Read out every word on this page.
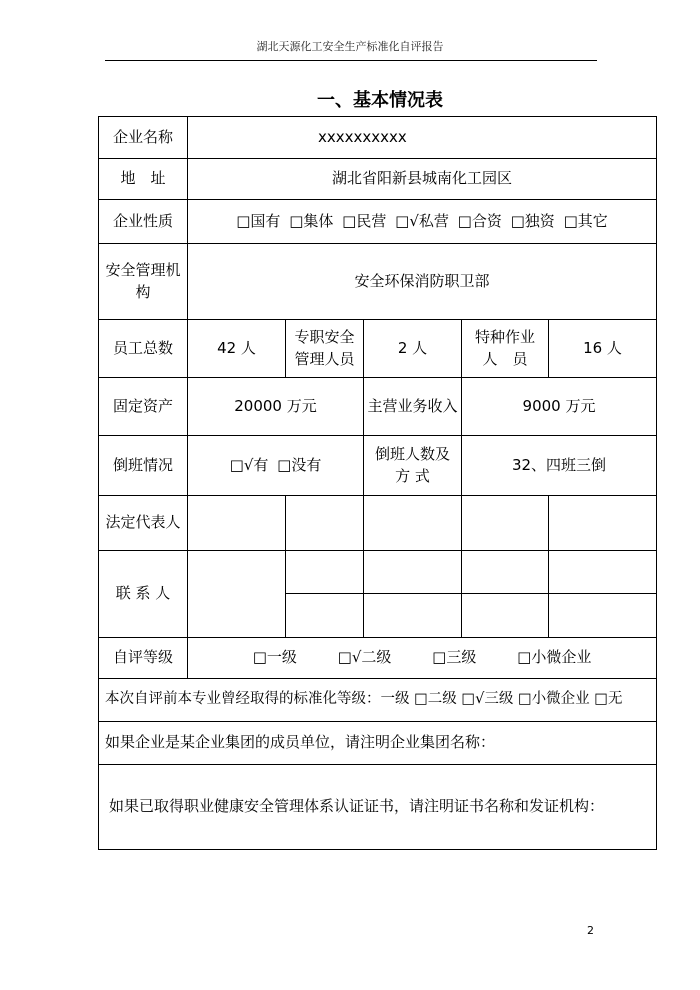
湖北天源化工安全生产标准化自评报告
一、基本情况表
企业名称	xxxxxxxxxx				
地　址	湖北省阳新县城南化工园区				
企业性质	□国有 □集体 □民营 □√私营 □合资 □独资 □其它				
安全管理机构	安全环保消防职卫部				
员工总数	42 人	专职安全管理人员	2 人	特种作业人　员	16 人
固定资产	20000 万元		主营业务收入	9000 万元	
倒班情况	□√有 □没有		倒班人数及 方 式	32、四班三倒	
法定代表人					
联 系 人					

自评等级	□一级 □√二级 □三级 □小微企业				
本次自评前本专业曾经取得的标准化等级：一级 □二级 □√三级 □小微企业 □无					
如果企业是某企业集团的成员单位，请注明企业集团名称：					
如果已取得职业健康安全管理体系认证证书，请注明证书名称和发证机构：					
2
